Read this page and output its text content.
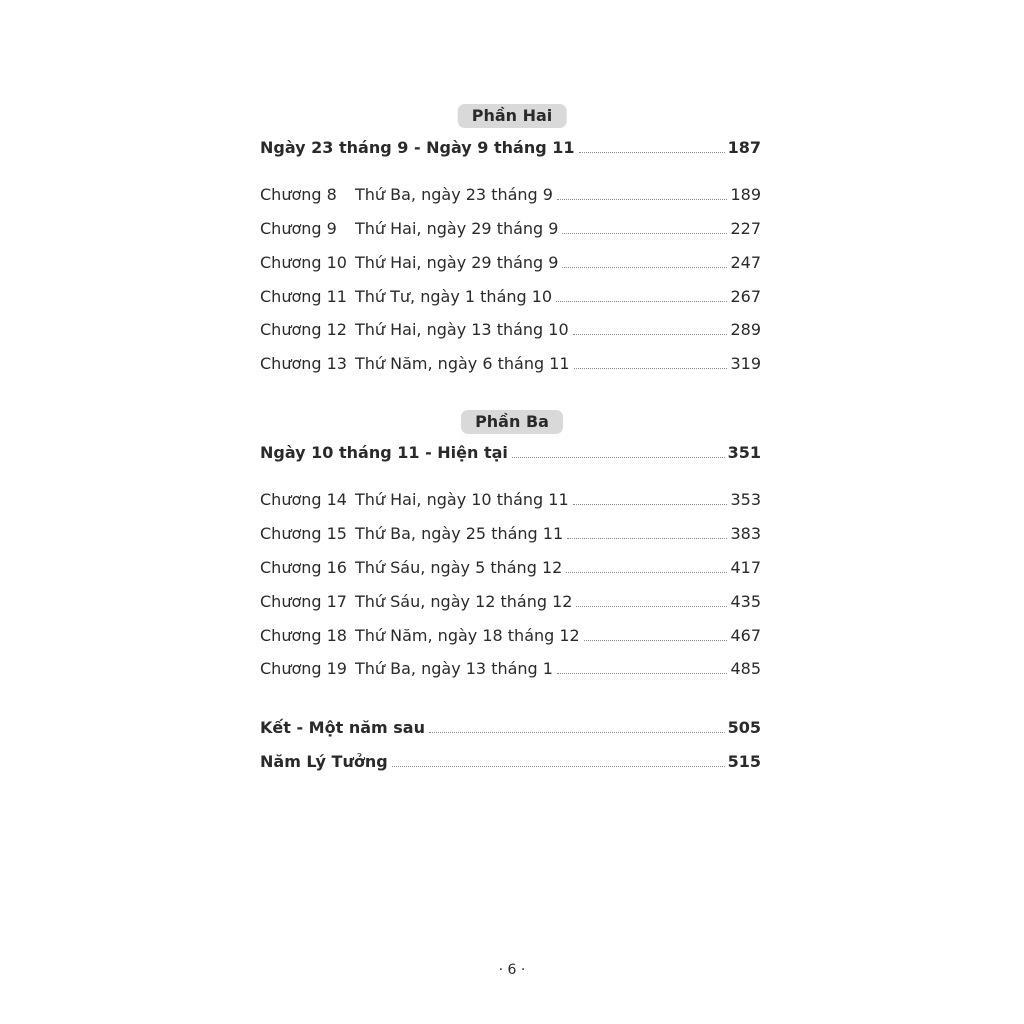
Phần Hai
Ngày 23 tháng 9 - Ngày 9 tháng 11	187
Chương 8	Thứ Ba, ngày 23 tháng 9	189
Chương 9	Thứ Hai, ngày 29 tháng 9	227
Chương 10 Thứ Hai, ngày 29 tháng 9	247
Chương 11 Thứ Tư, ngày 1 tháng 10	267
Chương 12 Thứ Hai, ngày 13 tháng 10	289
Chương 13 Thứ Năm, ngày 6 tháng 11	319
Phần Ba
Ngày 10 tháng 11 - Hiện tại	351
Chương 14 Thứ Hai, ngày 10 tháng 11	353
Chương 15 Thứ Ba, ngày 25 tháng 11	383
Chương 16 Thứ Sáu, ngày 5 tháng 12	417
Chương 17 Thứ Sáu, ngày 12 tháng 12	435
Chương 18 Thứ Năm, ngày 18 tháng 12	467
Chương 19 Thứ Ba, ngày 13 tháng 1	485
Kết - Một năm sau	505
Năm Lý Tưởng	515
· 6 ·
